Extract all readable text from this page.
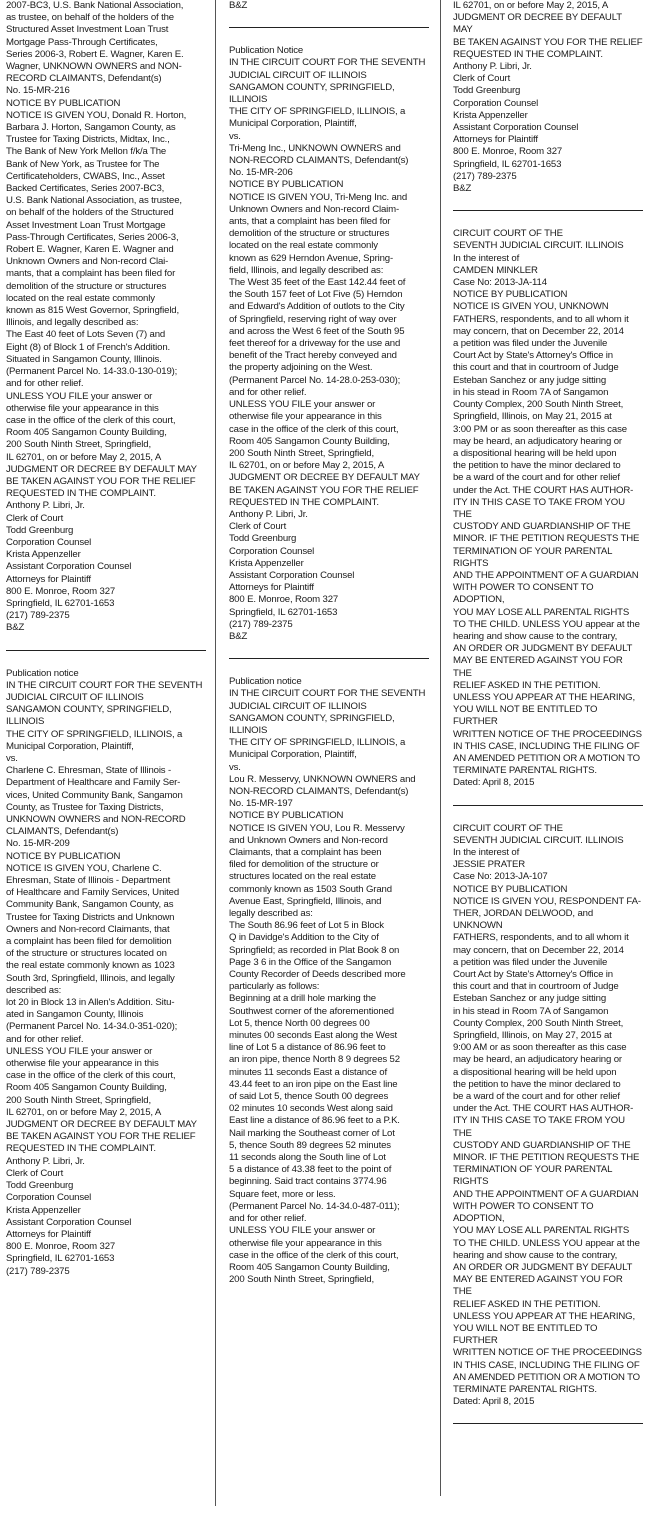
2007-BC3, U.S. Bank National Association,

as trustee, on behalf of the holders of the

Structured Asset Investment Loan Trust

Mortgage Pass-Through Certificates,

Series 2006-3, Robert E. Wagner, Karen E.

Wagner, UNKNOWN OWNERS and NON-

RECORD CLAIMANTS, Defendant(s)

No. 15-MR-216

NOTICE BY PUBLICATION

NOTICE IS GIVEN YOU, Donald R. Horton,

Barbara J. Horton, Sangamon County, as

Trustee for Taxing Districts, Midtax, Inc.,

The Bank of New York Mellon f/k/a The

Bank of New York, as Trustee for The

Certificateholders, CWABS, Inc., Asset

Backed Certificates, Series 2007-BC3,

U.S. Bank National Association, as trustee,

on behalf of the holders of the Structured

Asset Investment Loan Trust Mortgage

Pass-Through Certificates, Series 2006-3,

Robert E. Wagner, Karen E. Wagner and

Unknown Owners and Non-record Clai-

mants, that a complaint has been filed for

demolition of the structure or structures

located on the real estate commonly

known as 815 West Governor, Springfield,

Illinois, and legally described as:

The East 40 feet of Lots Seven (7) and

Eight (8) of Block 1 of French's Addition.

Situated in Sangamon County, Illinois.

(Permanent Parcel No. 14-33.0-130-019);

and for other relief.

UNLESS YOU FILE your answer or

otherwise file your appearance in this

case in the office of the clerk of this court,

Room 405 Sangamon County Building,

200 South Ninth Street, Springfield,

IL 62701, on or before May 2, 2015, A

JUDGMENT OR DECREE BY DEFAULT MAY

BE TAKEN AGAINST YOU FOR THE RELIEF

REQUESTED IN THE COMPLAINT.

Anthony P. Libri, Jr.

Clerk of Court

Todd Greenburg

Corporation Counsel

Krista Appenzeller

Assistant Corporation Counsel

Attorneys for Plaintiff

800 E. Monroe, Room 327

Springfield, IL 62701-1653

(217) 789-2375

B&Z

Publication notice

IN THE CIRCUIT COURT FOR THE SEVENTH

JUDICIAL CIRCUIT OF ILLINOIS

SANGAMON COUNTY, SPRINGFIELD,

ILLINOIS

THE CITY OF SPRINGFIELD, ILLINOIS, a

Municipal Corporation, Plaintiff,

vs.

Charlene C. Ehresman, State of Illinois -

Department of Healthcare and Family Ser-

vices, United Community Bank, Sangamon

County, as Trustee for Taxing Districts,

UNKNOWN OWNERS and NON-RECORD

CLAIMANTS, Defendant(s)

No. 15-MR-209

NOTICE BY PUBLICATION

NOTICE IS GIVEN YOU, Charlene C.

Ehresman, State of Illinois - Department

of Healthcare and Family Services, United

Community Bank, Sangamon County, as

Trustee for Taxing Districts and Unknown

Owners and Non-record Claimants, that

a complaint has been filed for demolition

of the structure or structures located on

the real estate commonly known as 1023

South 3rd, Springfield, Illinois, and legally

described as:

lot 20 in Block 13 in Allen's Addition. Situ-

ated in Sangamon County, Illinois

(Permanent Parcel No. 14-34.0-351-020);

and for other relief.

UNLESS YOU FILE your answer or

otherwise file your appearance in this

case in the office of the clerk of this court,

Room 405 Sangamon County Building,

200 South Ninth Street, Springfield,

IL 62701, on or before May 2, 2015, A

JUDGMENT OR DECREE BY DEFAULT MAY

BE TAKEN AGAINST YOU FOR THE RELIEF

REQUESTED IN THE COMPLAINT.

Anthony P. Libri, Jr.

Clerk of Court

Todd Greenburg

Corporation Counsel

Krista Appenzeller

Assistant Corporation Counsel

Attorneys for Plaintiff

800 E. Monroe, Room 327

Springfield, IL 62701-1653

(217) 789-2375

B&Z

Publication Notice

IN THE CIRCUIT COURT FOR THE SEVENTH

JUDICIAL CIRCUIT OF ILLINOIS

SANGAMON COUNTY, SPRINGFIELD,

ILLINOIS

THE CITY OF SPRINGFIELD, ILLINOIS, a

Municipal Corporation, Plaintiff,

vs.

Tri-Meng Inc., UNKNOWN OWNERS and

NON-RECORD CLAIMANTS, Defendant(s)

No. 15-MR-206

NOTICE BY PUBLICATION

NOTICE IS GIVEN YOU, Tri-Meng Inc. and

Unknown Owners and Non-record Claim-

ants, that a complaint has been filed for

demolition of the structure or structures

located on the real estate commonly

known as 629 Herndon Avenue, Spring-

field, Illinois, and legally described as:

The West 35 feet of the East 142.44 feet of

the South 157 feet of Lot Five (5) Herndon

and Edward's Addition of outlots to the City

of Springfield, reserving right of way over

and across the West 6 feet of the South 95

feet thereof for a driveway for the use and

benefit of the Tract hereby conveyed and

the property adjoining on the West.

(Permanent Parcel No. 14-28.0-253-030);

and for other relief.

UNLESS YOU FILE your answer or

otherwise file your appearance in this

case in the office of the clerk of this court,

Room 405 Sangamon County Building,

200 South Ninth Street, Springfield,

IL 62701, on or before May 2, 2015, A

JUDGMENT OR DECREE BY DEFAULT MAY

BE TAKEN AGAINST YOU FOR THE RELIEF

REQUESTED IN THE COMPLAINT.

Anthony P. Libri, Jr.

Clerk of Court

Todd Greenburg

Corporation Counsel

Krista Appenzeller

Assistant Corporation Counsel

Attorneys for Plaintiff

800 E. Monroe, Room 327

Springfield, IL 62701-1653

(217) 789-2375

B&Z

Publication notice

IN THE CIRCUIT COURT FOR THE SEVENTH

JUDICIAL CIRCUIT OF ILLINOIS

SANGAMON COUNTY, SPRINGFIELD,

ILLINOIS

THE CITY OF SPRINGFIELD, ILLINOIS, a

Municipal Corporation, Plaintiff,

vs.

Lou R. Messervy, UNKNOWN OWNERS and

NON-RECORD CLAIMANTS, Defendant(s)

No. 15-MR-197

NOTICE BY PUBLICATION

NOTICE IS GIVEN YOU, Lou R. Messervy

and Unknown Owners and Non-record

Claimants, that a complaint has been

filed for demolition of the structure or

structures located on the real estate

commonly known as 1503 South Grand

Avenue East, Springfield, Illinois, and

legally described as:

The South 86.96 feet of Lot 5 in Block

Q in Davidge's Addition to the City of

Springfield; as recorded in Plat Book 8 on

Page 3 6 in the Office of the Sangamon

County Recorder of Deeds described more

particularly as follows:

Beginning at a drill hole marking the

Southwest corner of the aforementioned

Lot 5, thence North 00 degrees 00

minutes 00 seconds East along the West

line of Lot 5 a distance of 86.96 feet to

an iron pipe, thence North 8 9 degrees 52

minutes 11 seconds East a distance of

43.44 feet to an iron pipe on the East line

of said Lot 5, thence South 00 degrees

02 minutes 10 seconds West along said

East line a distance of 86.96 feet to a P.K.

Nail marking the Southeast corner of Lot

5, thence South 89 degrees 52 minutes

11 seconds along the South line of Lot

5 a distance of 43.38 feet to the point of

beginning. Said tract contains 3774.96

Square feet, more or less.

(Permanent Parcel No. 14-34.0-487-011);

and for other relief.

UNLESS YOU FILE your answer or

otherwise file your appearance in this

case in the office of the clerk of this court,

Room 405 Sangamon County Building,

200 South Ninth Street, Springfield,

IL 62701, on or before May 2, 2015, A

JUDGMENT OR DECREE BY DEFAULT MAY

BE TAKEN AGAINST YOU FOR THE RELIEF

REQUESTED IN THE COMPLAINT.

Anthony P. Libri, Jr.

Clerk of Court

Todd Greenburg

Corporation Counsel

Krista Appenzeller

Assistant Corporation Counsel

Attorneys for Plaintiff

800 E. Monroe, Room 327

Springfield, IL 62701-1653

(217) 789-2375

B&Z

CIRCUIT COURT OF THE

SEVENTH JUDICIAL CIRCUIT. ILLINOIS

In the interest of

CAMDEN MINKLER

Case No: 2013-JA-114

NOTICE BY PUBLICATION

NOTICE IS GIVEN YOU, UNKNOWN

FATHERS, respondents, and to all whom it

may concern, that on December 22, 2014

a petition was filed under the Juvenile

Court Act by State's Attorney's Office in

this court and that in courtroom of Judge

Esteban Sanchez or any judge sitting

in his stead in Room 7A of Sangamon

County Complex, 200 South Ninth Street,

Springfield, Illinois, on May 21, 2015 at

3:00 PM or as soon thereafter as this case

may be heard, an adjudicatory hearing or

a dispositional hearing will be held upon

the petition to have the minor declared to

be a ward of the court and for other relief

under the Act. THE COURT HAS AUTHOR-

ITY IN THIS CASE TO TAKE FROM YOU THE

CUSTODY AND GUARDIANSHIP OF THE

MINOR. IF THE PETITION REQUESTS THE

TERMINATION OF YOUR PARENTAL RIGHTS

AND THE APPOINTMENT OF A GUARDIAN

WITH POWER TO CONSENT TO ADOPTION,

YOU MAY LOSE ALL PARENTAL RIGHTS

TO THE CHILD. UNLESS YOU appear at the

hearing and show cause to the contrary,

AN ORDER OR JUDGMENT BY DEFAULT

MAY BE ENTERED AGAINST YOU FOR THE

RELIEF ASKED IN THE PETITION.

UNLESS YOU APPEAR AT THE HEARING,

YOU WILL NOT BE ENTITLED TO FURTHER

WRITTEN NOTICE OF THE PROCEEDINGS

IN THIS CASE, INCLUDING THE FILING OF

AN AMENDED PETITION OR A MOTION TO

TERMINATE PARENTAL RIGHTS.

Dated: April 8, 2015

CIRCUIT COURT OF THE

SEVENTH JUDICIAL CIRCUIT. ILLINOIS

In the interest of

JESSIE PRATER

Case No: 2013-JA-107

NOTICE BY PUBLICATION

NOTICE IS GIVEN YOU, RESPONDENT FA-

THER, JORDAN DELWOOD, and UNKNOWN

FATHERS, respondents, and to all whom it

may concern, that on December 22, 2014

a petition was filed under the Juvenile

Court Act by State's Attorney's Office in

this court and that in courtroom of Judge

Esteban Sanchez or any judge sitting

in his stead in Room 7A of Sangamon

County Complex, 200 South Ninth Street,

Springfield, Illinois, on May 27, 2015 at

9:00 AM or as soon thereafter as this case

may be heard, an adjudicatory hearing or

a dispositional hearing will be held upon

the petition to have the minor declared to

be a ward of the court and for other relief

under the Act. THE COURT HAS AUTHOR-

ITY IN THIS CASE TO TAKE FROM YOU THE

CUSTODY AND GUARDIANSHIP OF THE

MINOR. IF THE PETITION REQUESTS THE

TERMINATION OF YOUR PARENTAL RIGHTS

AND THE APPOINTMENT OF A GUARDIAN

WITH POWER TO CONSENT TO ADOPTION,

YOU MAY LOSE ALL PARENTAL RIGHTS

TO THE CHILD. UNLESS YOU appear at the

hearing and show cause to the contrary,

AN ORDER OR JUDGMENT BY DEFAULT

MAY BE ENTERED AGAINST YOU FOR THE

RELIEF ASKED IN THE PETITION.

UNLESS YOU APPEAR AT THE HEARING,

YOU WILL NOT BE ENTITLED TO FURTHER

WRITTEN NOTICE OF THE PROCEEDINGS

IN THIS CASE, INCLUDING THE FILING OF

AN AMENDED PETITION OR A MOTION TO

TERMINATE PARENTAL RIGHTS.

Dated: April 8, 2015
